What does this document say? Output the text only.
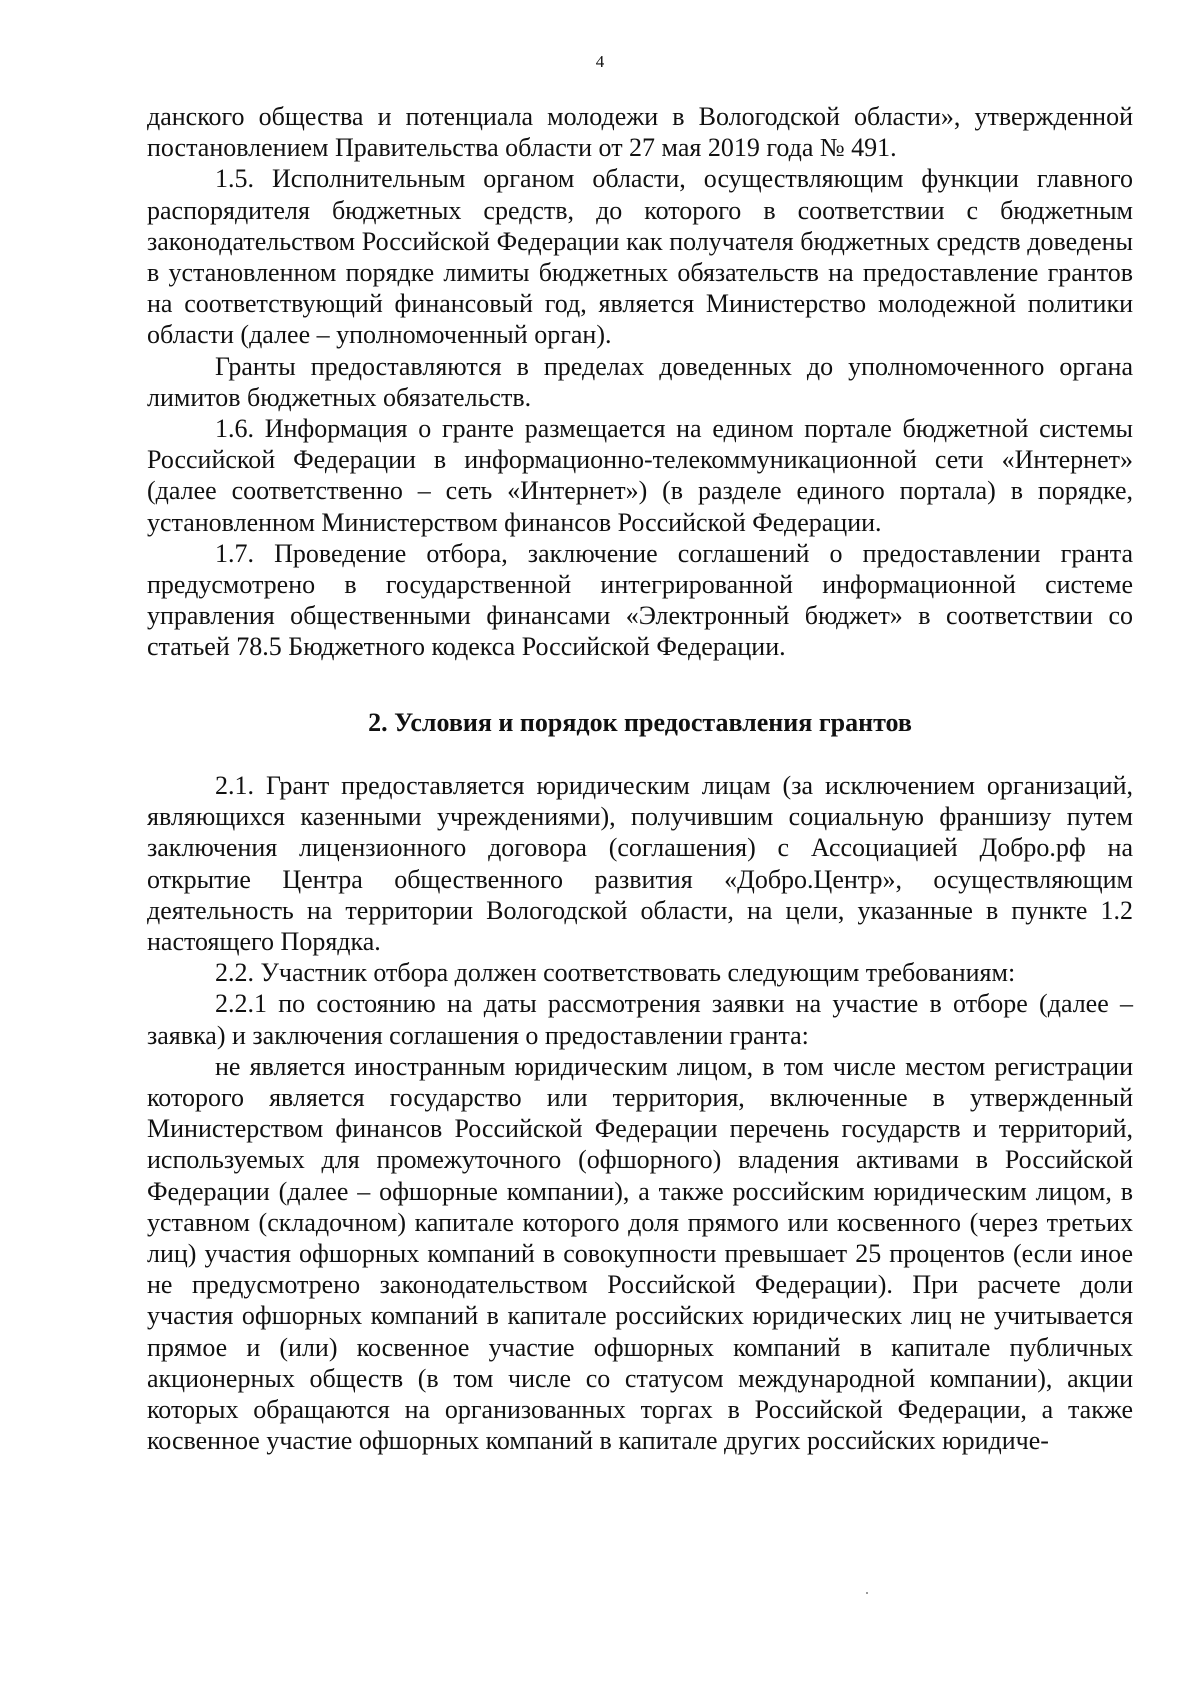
4

данского общества и потенциала молодежи в Вологодской области», утвержденной постановлением Правительства области от 27 мая 2019 года № 491.

1.5. Исполнительным органом области, осуществляющим функции главного распорядителя бюджетных средств, до которого в соответствии с бюджетным законодательством Российской Федерации как получателя бюджетных средств доведены в установленном порядке лимиты бюджетных обязательств на предоставление грантов на соответствующий финансовый год, является Министерство молодежной политики области (далее – уполномоченный орган).

Гранты предоставляются в пределах доведенных до уполномоченного органа лимитов бюджетных обязательств.

1.6. Информация о гранте размещается на едином портале бюджетной системы Российской Федерации в информационно-телекоммуникационной сети «Интернет» (далее соответственно – сеть «Интернет») (в разделе единого портала) в порядке, установленном Министерством финансов Российской Федерации.

1.7. Проведение отбора, заключение соглашений о предоставлении гранта предусмотрено в государственной интегрированной информационной системе управления общественными финансами «Электронный бюджет» в соответствии со статьей 78.5 Бюджетного кодекса Российской Федерации.

2. Условия и порядок предоставления грантов

2.1. Грант предоставляется юридическим лицам (за исключением организаций, являющихся казенными учреждениями), получившим социальную франшизу путем заключения лицензионного договора (соглашения) с Ассоциацией Добро.рф на открытие Центра общественного развития «Добро.Центр», осуществляющим деятельность на территории Вологодской области, на цели, указанные в пункте 1.2 настоящего Порядка.

2.2. Участник отбора должен соответствовать следующим требованиям:

2.2.1 по состоянию на даты рассмотрения заявки на участие в отборе (далее – заявка) и заключения соглашения о предоставлении гранта:

не является иностранным юридическим лицом, в том числе местом регистрации которого является государство или территория, включенные в утвержденный Министерством финансов Российской Федерации перечень государств и территорий, используемых для промежуточного (офшорного) владения активами в Российской Федерации (далее – офшорные компании), а также российским юридическим лицом, в уставном (складочном) капитале которого доля прямого или косвенного (через третьих лиц) участия офшорных компаний в совокупности превышает 25 процентов (если иное не предусмотрено законодательством Российской Федерации). При расчете доли участия офшорных компаний в капитале российских юридических лиц не учитывается прямое и (или) косвенное участие офшорных компаний в капитале публичных акционерных обществ (в том числе со статусом международной компании), акции которых обращаются на организованных торгах в Российской Федерации, а также косвенное участие офшорных компаний в капитале других российских юридиче-
